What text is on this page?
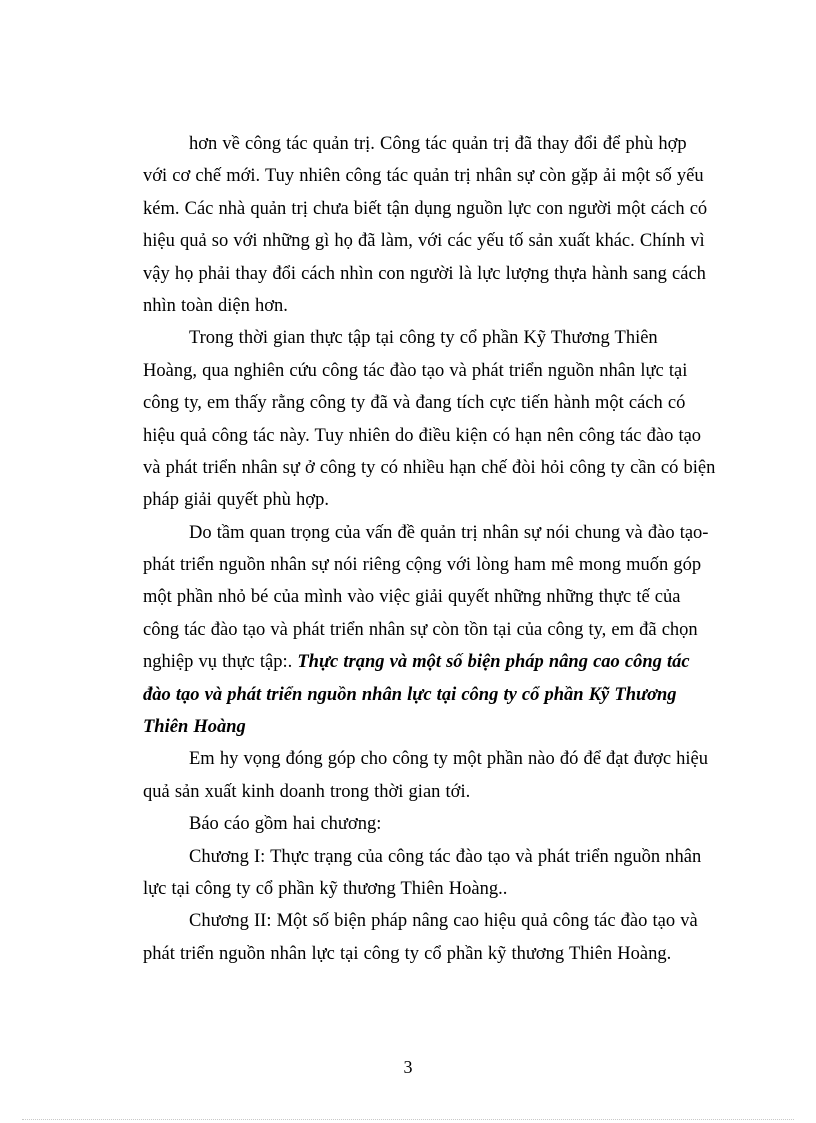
hơn về công tác quản trị. Công tác quản trị đã thay đổi để phù hợp
với cơ chế mới. Tuy nhiên công tác quản trị nhân sự còn gặp ải một số yếu
kém. Các nhà quản trị chưa biết tận dụng nguồn lực con người một cách có
hiệu quả so với những gì họ đã làm, với các yếu tố sản xuất khác. Chính vì
vậy họ phải thay đổi cách nhìn con người là lực lượng thựa hành sang cách
nhìn toàn diện hơn.
Trong thời gian thực tập tại công ty cổ phần Kỹ Thương Thiên
Hoàng, qua nghiên cứu công tác đào tạo và phát triển nguồn nhân lực tại
công ty, em thấy rằng công ty đã và đang tích cực tiến hành một cách có
hiệu quả công tác này. Tuy nhiên do điều kiện có hạn nên công tác đào tạo
và phát triển nhân sự ở công ty có nhiều hạn chế đòi hỏi công ty cần có biện
pháp giải quyết phù hợp.
Do tầm quan trọng của vấn đề quản trị nhân sự nói chung và đào tạo-
phát triển nguồn nhân sự nói riêng cộng với lòng ham mê mong muốn góp
một phần nhỏ bé của mình vào việc giải quyết những những thực tế của
công tác đào tạo và phát triển nhân sự còn tồn tại của công ty, em đã chọn
nghiệp vụ thực tập:. Thực trạng và một số biện pháp nâng cao công tác
đào tạo và phát triển nguồn nhân lực tại công ty cổ phần Kỹ Thương
Thiên Hoàng
Em hy vọng đóng góp cho công ty một phần nào đó để đạt được hiệu
quả sản xuất kinh doanh trong thời gian tới.
Báo cáo gồm hai chương:
Chương I: Thực trạng của công tác đào tạo và phát triển nguồn nhân
lực tại công ty cổ phần kỹ thương Thiên Hoàng..
Chương II: Một số biện pháp nâng cao hiệu quả công tác đào tạo và
phát triển nguồn nhân lực tại công ty cổ phần kỹ thương Thiên Hoàng.
3
